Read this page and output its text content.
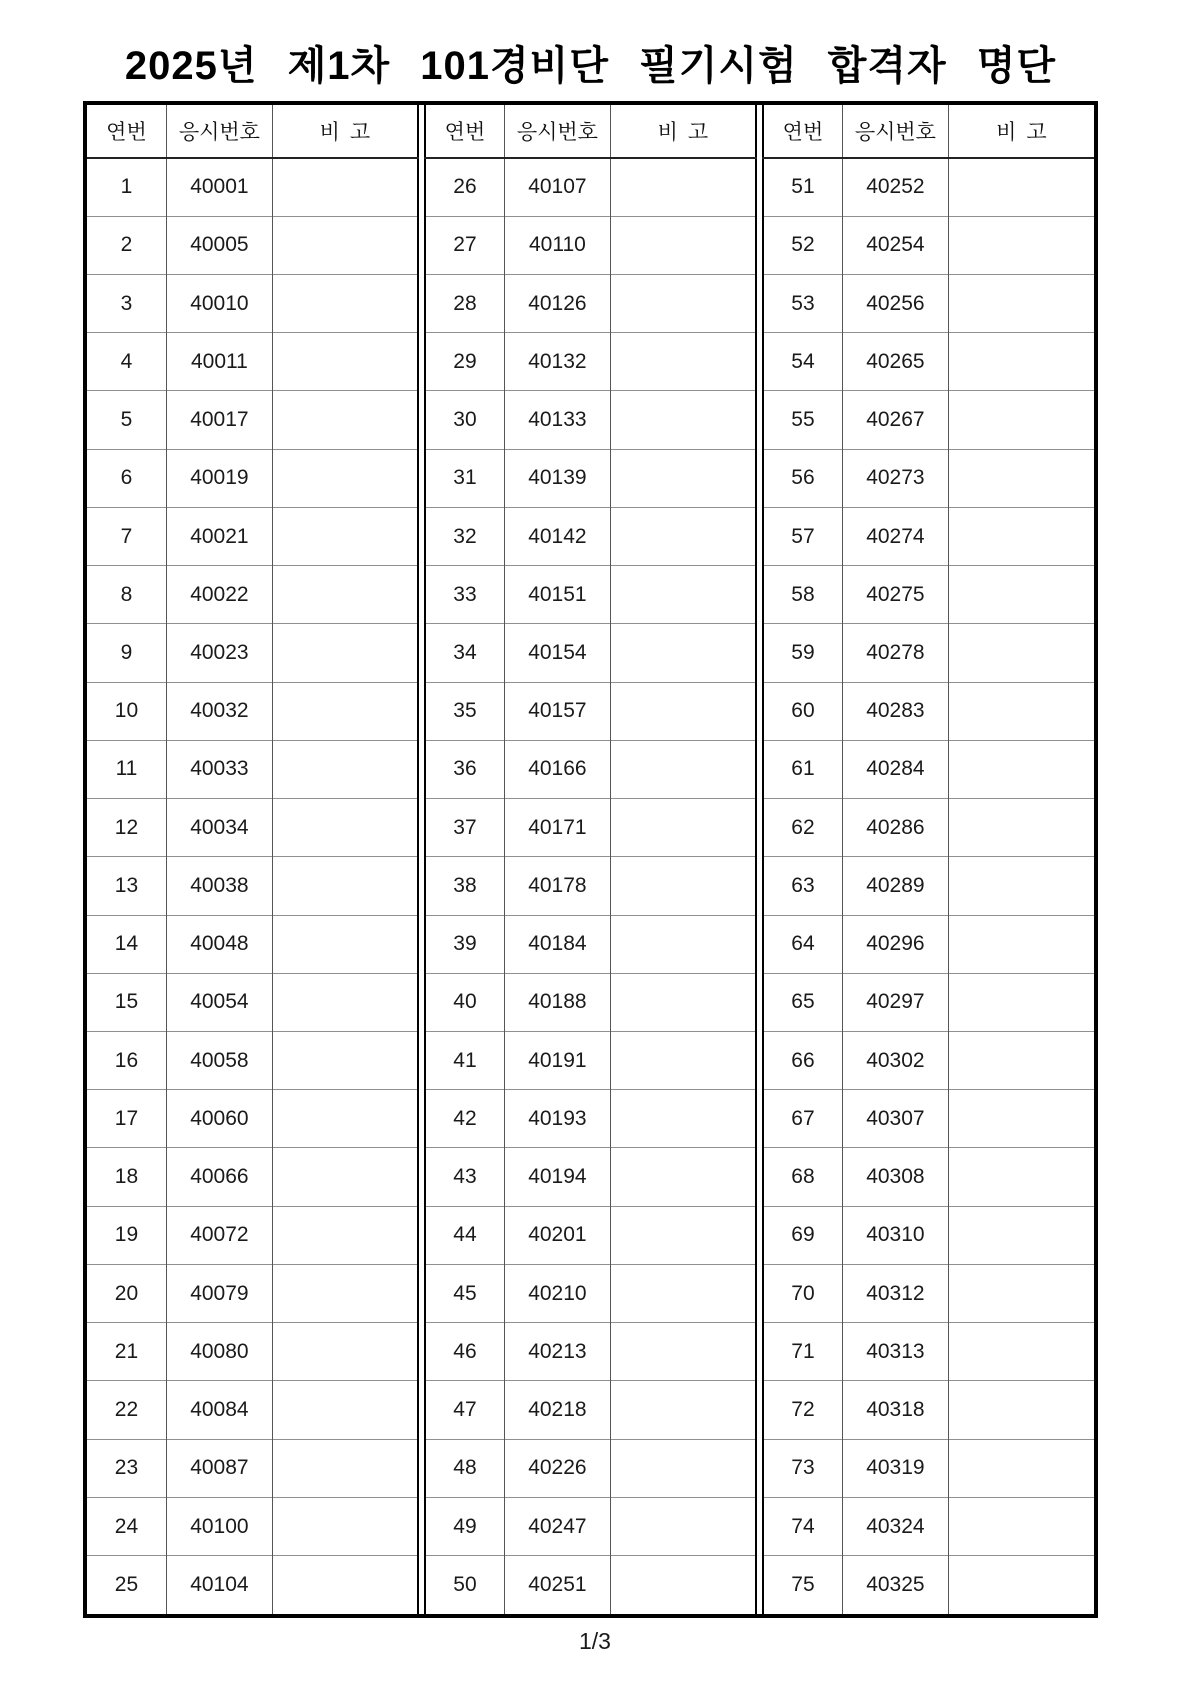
2025년 제1차 101경비단 필기시험 합격자 명단
연번	응시번호	비고
1	40001	
2	40005	
3	40010	
4	40011	
5	40017	
6	40019	
7	40021	
8	40022	
9	40023	
10	40032	
11	40033	
12	40034	
13	40038	
14	40048	
15	40054	
16	40058	
17	40060	
18	40066	
19	40072	
20	40079	
21	40080	
22	40084	
23	40087	
24	40100	
25	40104	
연번	응시번호	비고
26	40107	
27	40110	
28	40126	
29	40132	
30	40133	
31	40139	
32	40142	
33	40151	
34	40154	
35	40157	
36	40166	
37	40171	
38	40178	
39	40184	
40	40188	
41	40191	
42	40193	
43	40194	
44	40201	
45	40210	
46	40213	
47	40218	
48	40226	
49	40247	
50	40251	
연번	응시번호	비고
51	40252	
52	40254	
53	40256	
54	40265	
55	40267	
56	40273	
57	40274	
58	40275	
59	40278	
60	40283	
61	40284	
62	40286	
63	40289	
64	40296	
65	40297	
66	40302	
67	40307	
68	40308	
69	40310	
70	40312	
71	40313	
72	40318	
73	40319	
74	40324	
75	40325	
1/3
